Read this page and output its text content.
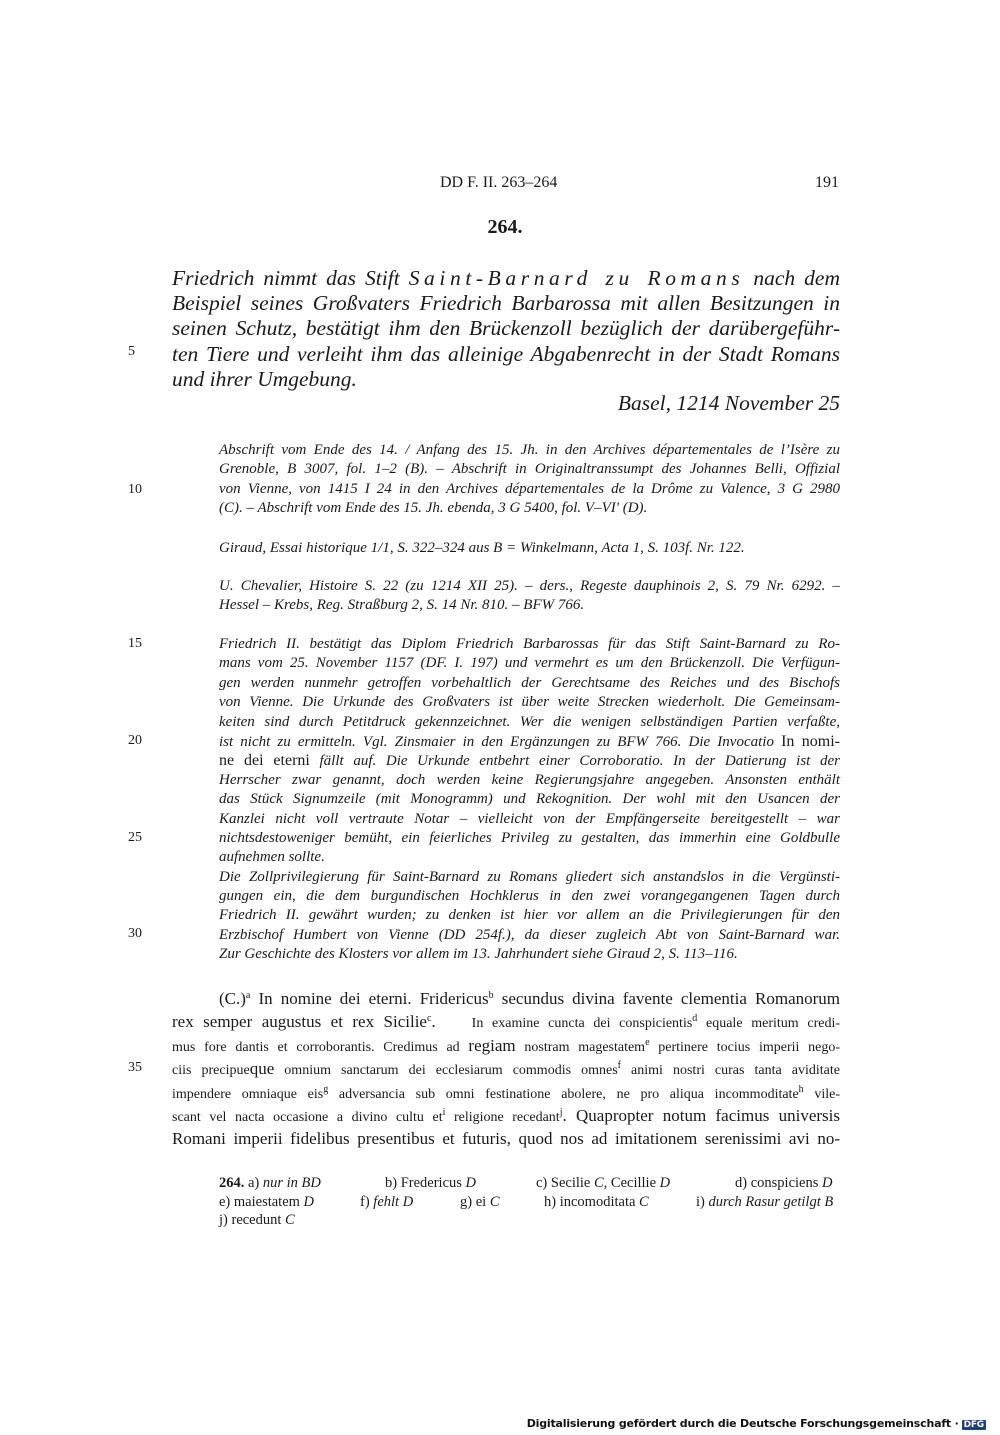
DD F. II. 263–264	191
264.
Friedrich nimmt das Stift Saint-Barnard zu Romans nach dem
Beispiel seines Großvaters Friedrich Barbarossa mit allen Besitzungen in
seinen Schutz, bestätigt ihm den Brückenzoll bezüglich der darübergeführ-
ten Tiere und verleiht ihm das alleinige Abgabenrecht in der Stadt Romans
und ihrer Umgebung.
Basel, 1214 November 25
5
10
15
20
25
30
35
Abschrift vom Ende des 14. / Anfang des 15. Jh. in den Archives départementales de l’Isère zu
Grenoble, B 3007, fol. 1–2 (B). – Abschrift in Originaltranssumpt des Johannes Belli, Offizial
von Vienne, von 1415 I 24 in den Archives départementales de la Drôme zu Valence, 3 G 2980
(C). – Abschrift vom Ende des 15. Jh. ebenda, 3 G 5400, fol. V–VI' (D).
Giraud, Essai historique 1/1, S. 322–324 aus B = Winkelmann, Acta 1, S. 103f. Nr. 122.
U. Chevalier, Histoire S. 22 (zu 1214 XII 25). – ders., Regeste dauphinois 2, S. 79 Nr. 6292. –
Hessel – Krebs, Reg. Straßburg 2, S. 14 Nr. 810. – BFW 766.
Friedrich II. bestätigt das Diplom Friedrich Barbarossas für das Stift Saint-Barnard zu Ro-
mans vom 25. November 1157 (DF. I. 197) und vermehrt es um den Brückenzoll. Die Verfügun-
gen werden nunmehr getroffen vorbehaltlich der Gerechtsame des Reiches und des Bischofs
von Vienne. Die Urkunde des Großvaters ist über weite Strecken wiederholt. Die Gemeinsam-
keiten sind durch Petitdruck gekennzeichnet. Wer die wenigen selbständigen Partien verfaßte,
ist nicht zu ermitteln. Vgl. Zinsmaier in den Ergänzungen zu BFW 766. Die Invocatio In nomi-
ne dei eterni fällt auf. Die Urkunde entbehrt einer Corroboratio. In der Datierung ist der
Herrscher zwar genannt, doch werden keine Regierungsjahre angegeben. Ansonsten enthält
das Stück Signumzeile (mit Monogramm) und Rekognition. Der wohl mit den Usancen der
Kanzlei nicht voll vertraute Notar – vielleicht von der Empfängerseite bereitgestellt – war
nichtsdestoweniger bemüht, ein feierliches Privileg zu gestalten, das immerhin eine Goldbulle
aufnehmen sollte.
Die Zollprivilegierung für Saint-Barnard zu Romans gliedert sich anstandslos in die Vergünsti-
gungen ein, die dem burgundischen Hochklerus in den zwei vorangegangenen Tagen durch
Friedrich II. gewährt wurden; zu denken ist hier vor allem an die Privilegierungen für den
Erzbischof Humbert von Vienne (DD 254f.), da dieser zugleich Abt von Saint-Barnard war.
Zur Geschichte des Klosters vor allem im 13. Jahrhundert siehe Giraud 2, S. 113–116.
$(C.)^a$ In nomine dei eterni. Fridericus$^b$ secundus divina favente clementia Romanorum
rex semper augustus et rex Sicilie$^c$.	In examine cuncta dei conspicientis$^d$ equale meritum credi-
mus fore dantis et corroborantis. Credimus ad regiam nostram magestatem$^e$ pertinere tocius imperii nego-
ciis precipueque omnium sanctarum dei ecclesiarum commodis omnes$^f$ animi nostri curas tanta aviditate
impendere omniaque eis$^g$ adversancia sub omni festinatione abolere, ne pro aliqua incommoditate$^h$ vile-
scant vel nacta occasione a divino cultu $et^i$ religione recedant$^j$. Quapropter notum facimus universis
Romani imperii fidelibus presentibus et futuris, quod nos ad imitationem serenissimi avi no-
264. a) nur in BD	b) Fredericus D	c) Secilie C, Cecillie D	d) conspiciens D
e) maiestatem D	f) fehlt D	g) ei C	h) incomoditata C	i) durch Rasur getilgt B
j) recedunt C
Digitalisierung gefördert durch die Deutsche Forschungsgemeinschaft · DFG
